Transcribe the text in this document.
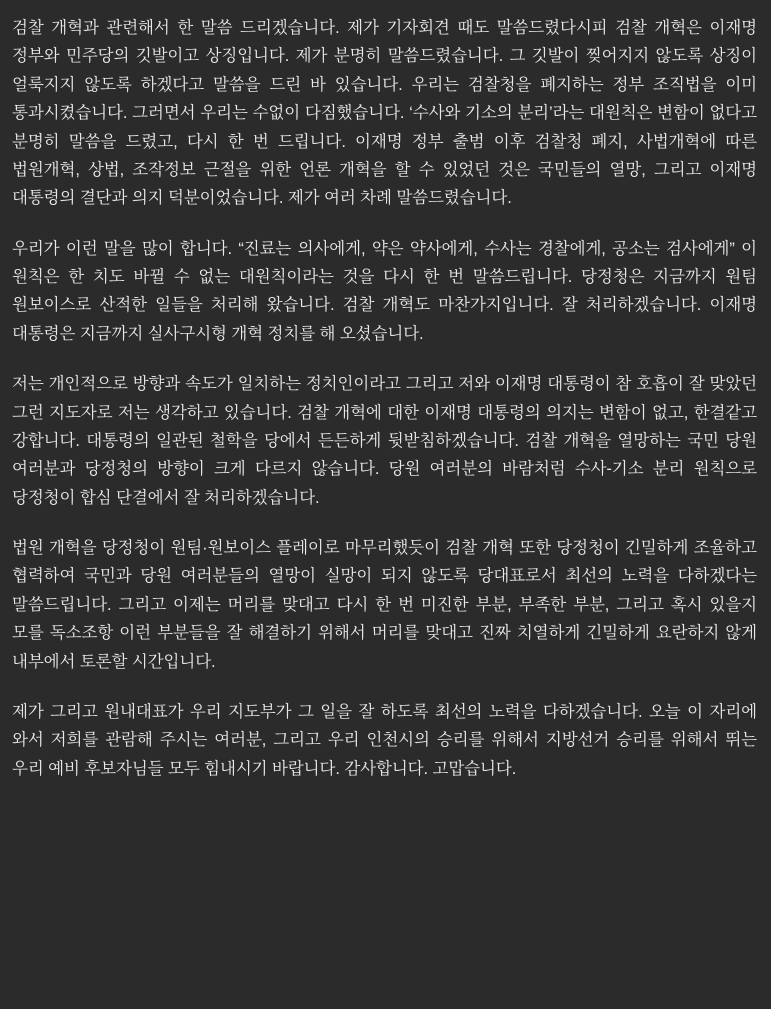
검찰 개혁과 관련해서 한 말씀 드리겠습니다. 제가 기자회견 때도 말씀드렸다시피 검찰 개혁은 이재명 정부와 민주당의 깃발이고 상징입니다. 제가 분명히 말씀드렸습니다. 그 깃발이 찢어지지 않도록 상징이 얼룩지지 않도록 하겠다고 말씀을 드린 바 있습니다. 우리는 검찰청을 폐지하는 정부 조직법을 이미 통과시켰습니다. 그러면서 우리는 수없이 다짐했습니다. ‘수사와 기소의 분리’라는 대원칙은 변함이 없다고 분명히 말씀을 드렸고, 다시 한 번 드립니다. 이재명 정부 출범 이후 검찰청 폐지, 사법개혁에 따른 법원개혁, 상법, 조작정보 근절을 위한 언론 개혁을 할 수 있었던 것은 국민들의 열망, 그리고 이재명 대통령의 결단과 의지 덕분이었습니다. 제가 여러 차례 말씀드렸습니다.

우리가 이런 말을 많이 합니다. “진료는 의사에게, 약은 약사에게, 수사는 경찰에게, 공소는 검사에게” 이 원칙은 한 치도 바뀔 수 없는 대원칙이라는 것을 다시 한 번 말씀드립니다. 당정청은 지금까지 원팀 원보이스로 산적한 일들을 처리해 왔습니다. 검찰 개혁도 마찬가지입니다. 잘 처리하겠습니다. 이재명 대통령은 지금까지 실사구시형 개혁 정치를 해 오셨습니다.

저는 개인적으로 방향과 속도가 일치하는 정치인이라고 그리고 저와 이재명 대통령이 참 호흡이 잘 맞았던 그런 지도자로 저는 생각하고 있습니다. 검찰 개혁에 대한 이재명 대통령의 의지는 변함이 없고, 한결같고 강합니다. 대통령의 일관된 철학을 당에서 든든하게 뒷받침하겠습니다. 검찰 개혁을 열망하는 국민 당원 여러분과 당정청의 방향이 크게 다르지 않습니다. 당원 여러분의 바람처럼 수사-기소 분리 원칙으로 당정청이 합심 단결에서 잘 처리하겠습니다.

법원 개혁을 당정청이 원팀·원보이스 플레이로 마무리했듯이 검찰 개혁 또한 당정청이 긴밀하게 조율하고 협력하여 국민과 당원 여러분들의 열망이 실망이 되지 않도록 당대표로서 최선의 노력을 다하겠다는 말씀드립니다. 그리고 이제는 머리를 맞대고 다시 한 번 미진한 부분, 부족한 부분, 그리고 혹시 있을지 모를 독소조항 이런 부분들을 잘 해결하기 위해서 머리를 맞대고 진짜 치열하게 긴밀하게 요란하지 않게 내부에서 토론할 시간입니다.

제가 그리고 원내대표가 우리 지도부가 그 일을 잘 하도록 최선의 노력을 다하겠습니다. 오늘 이 자리에 와서 저희를 관람해 주시는 여러분, 그리고 우리 인천시의 승리를 위해서 지방선거 승리를 위해서 뛰는 우리 예비 후보자님들 모두 힘내시기 바랍니다. 감사합니다. 고맙습니다.
